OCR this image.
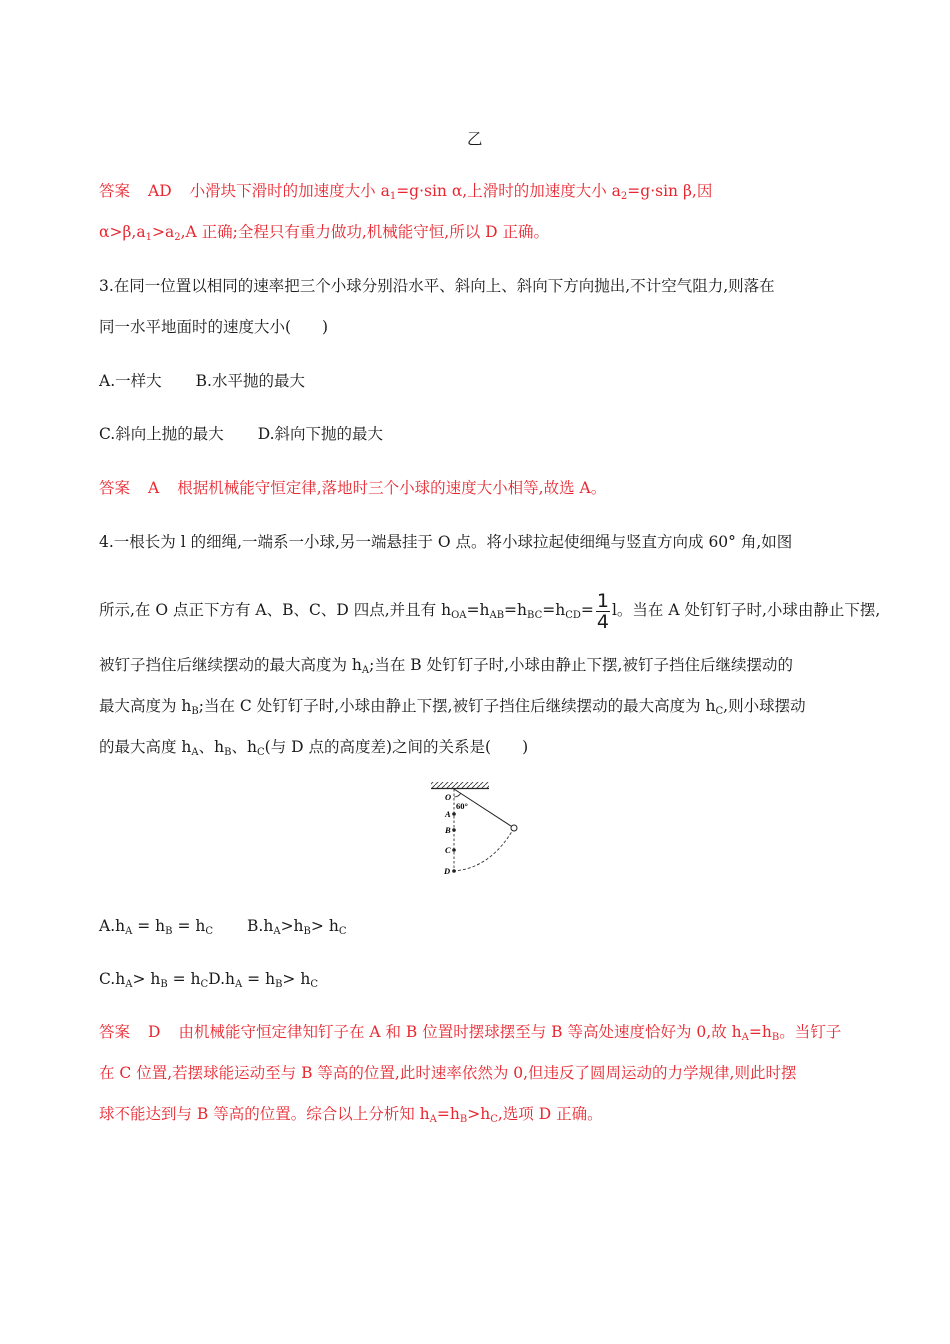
乙
答案 AD 小滑块下滑时的加速度大小 $a_1=g\cdot\sin$ α,上滑时的加速度大小 $a_2=g\cdot\sin$ β,因
$\alpha>\beta,a_1>a_2,A$ 正确;全程只有重力做功,机械能守恒,所以 D 正确。
3.在同一位置以相同的速率把三个小球分别沿水平、斜向上、斜向下方向抛出,不计空气阻力,则落在
同一水平地面时的速度大小(　　)
A.一样大 B.水平抛的最大
C.斜向上抛的最大 D.斜向下抛的最大
答案 A 根据机械能守恒定律,落地时三个小球的速度大小相等,故选 A。
4.一根长为 l 的细绳,一端系一小球,另一端悬挂于 O 点。将小球拉起使细绳与竖直方向成 60° 角,如图
所示,在 O 点正下方有 A、B、C、D 四点,并且有 $h_{OA}=h_{AB}=h_{BC}=h_{CD}= \frac{1}{4}$ l。当在 A 处钉钉子时,小球由静止下摆,
被钉子挡住后继续摆动的最大高度为 $h_A$;当在 B 处钉钉子时,小球由静止下摆,被钉子挡住后继续摆动的
最大高度为 $h_B$;当在 C 处钉钉子时,小球由静止下摆,被钉子挡住后继续摆动的最大高度为 $h_C$,则小球摆动
的最大高度 $h_A$、$h_B$、$h_C$(与 D 点的高度差)之间的关系是(　　)
60°
O
A
B
C
D
$A.h_A = h_B = h_C$ $B.h_A>h_B> h_C$
$C.h_A> h_B = h_CD.h_A = h_B> h_C$
答案 D 由机械能守恒定律知钉子在 A 和 B 位置时摆球摆至与 B 等高处速度恰好为 0,故 $h_A=h_B$。当钉子
在 C 位置,若摆球能运动至与 B 等高的位置,此时速率依然为 0,但违反了圆周运动的力学规律,则此时摆
球不能达到与 B 等高的位置。综合以上分析知 $h_A=h_B>h_C$,选项 D 正确。
